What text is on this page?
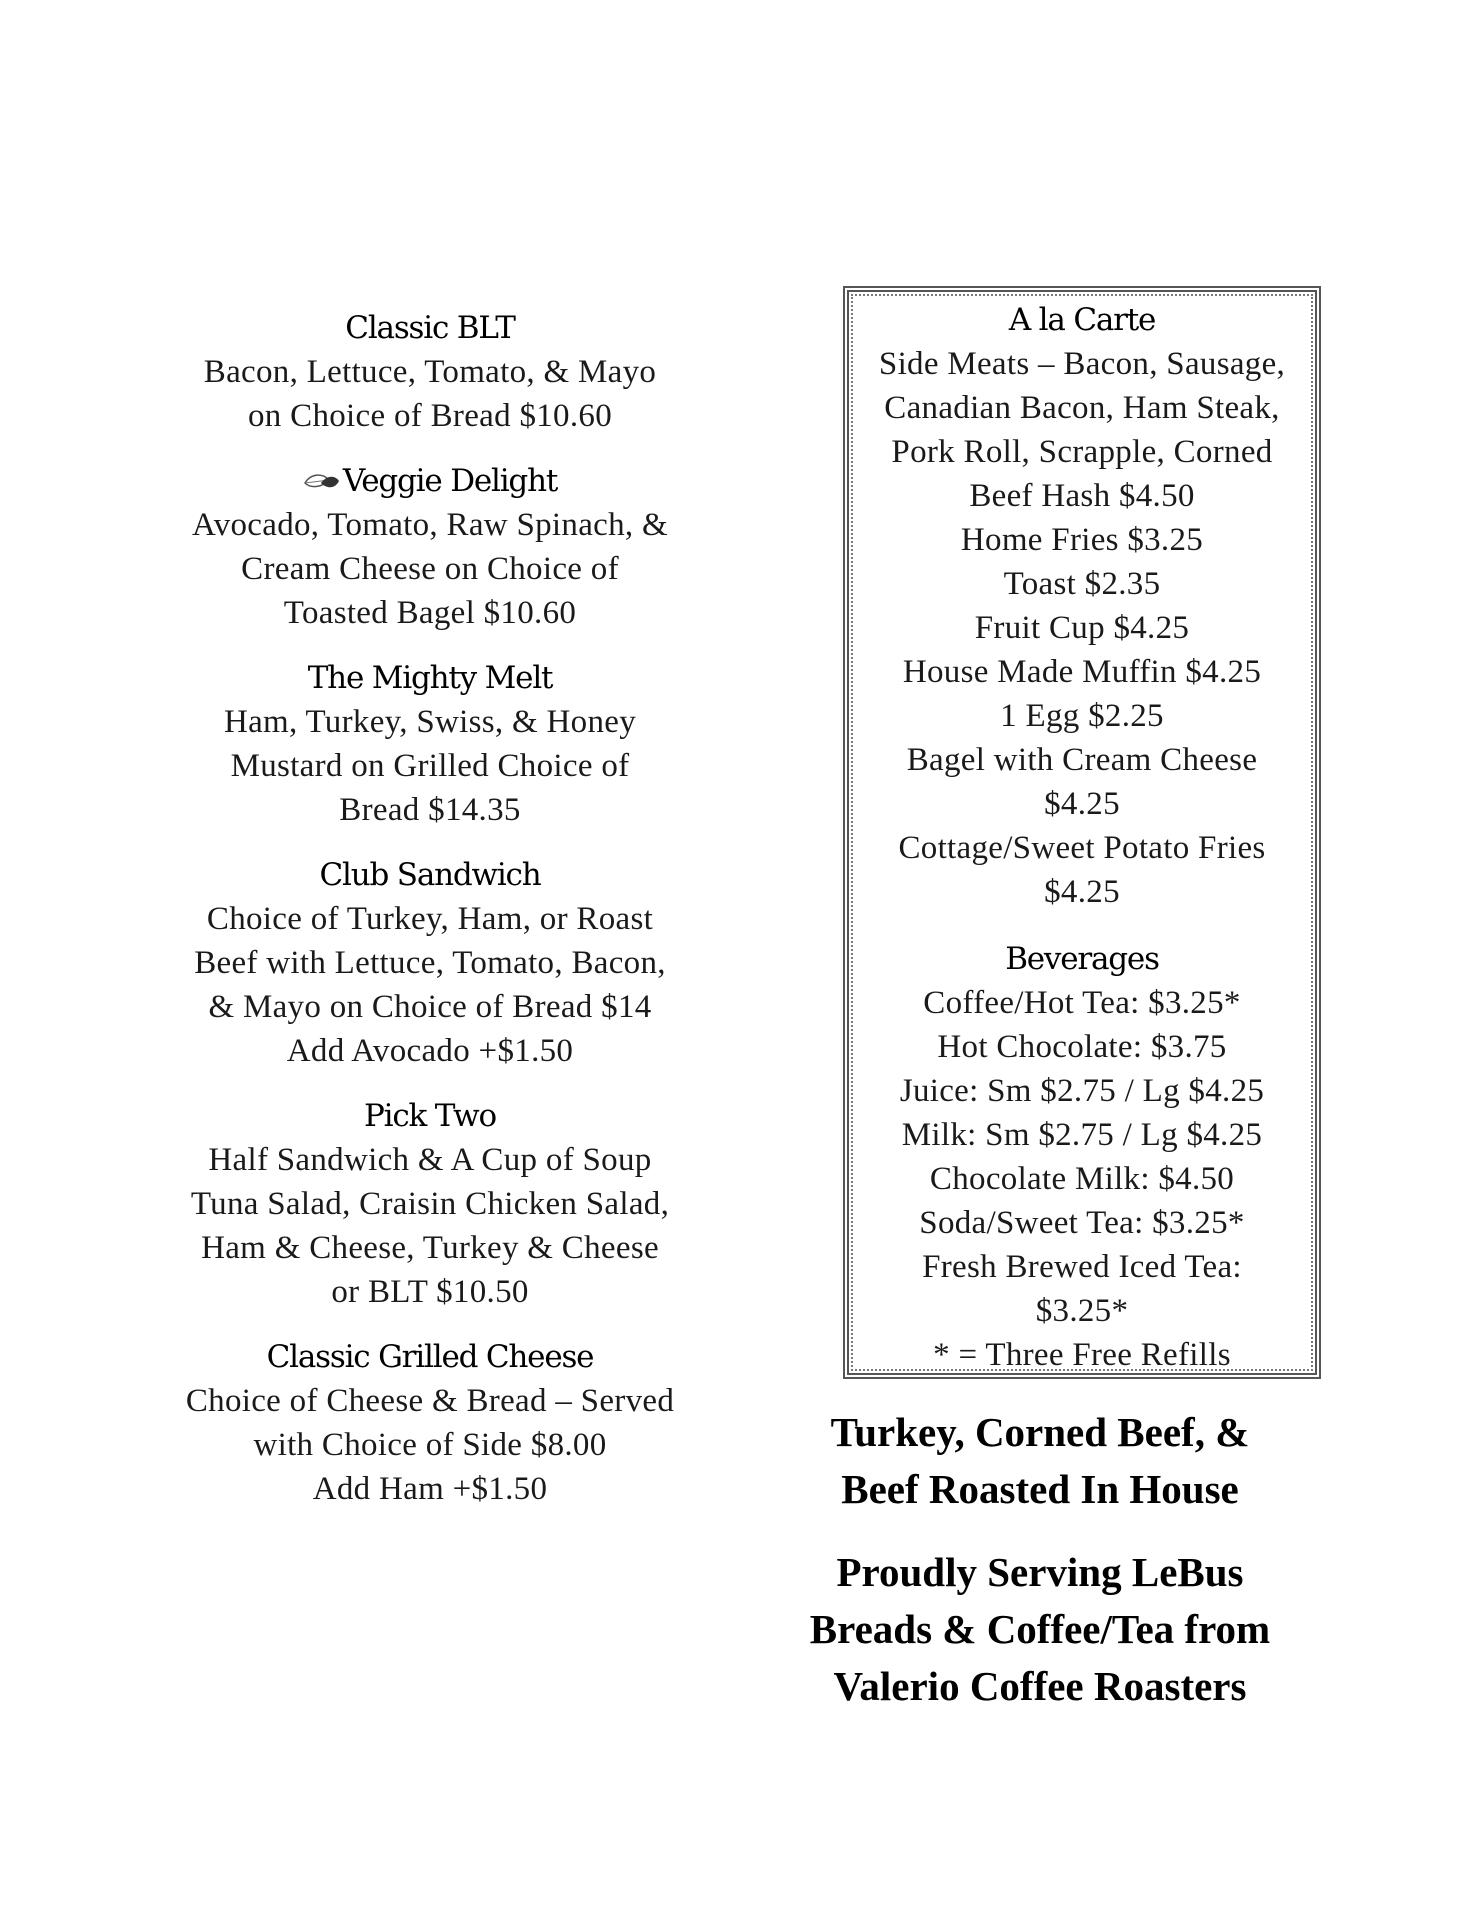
Classic BLT
Bacon, Lettuce, Tomato, & Mayo
on Choice of Bread $10.60
Veggie Delight
Avocado, Tomato, Raw Spinach, &
Cream Cheese on Choice of
Toasted Bagel $10.60
The Mighty Melt
Ham, Turkey, Swiss, & Honey
Mustard on Grilled Choice of
Bread $14.35
Club Sandwich
Choice of Turkey, Ham, or Roast
Beef with Lettuce, Tomato, Bacon,
& Mayo on Choice of Bread $14
Add Avocado +$1.50
Pick Two
Half Sandwich & A Cup of Soup
Tuna Salad, Craisin Chicken Salad,
Ham & Cheese, Turkey & Cheese
or BLT $10.50
Classic Grilled Cheese
Choice of Cheese & Bread – Served
with Choice of Side $8.00
Add Ham +$1.50
A la Carte
Side Meats – Bacon, Sausage,
Canadian Bacon, Ham Steak,
Pork Roll, Scrapple, Corned
Beef Hash $4.50
Home Fries $3.25
Toast $2.35
Fruit Cup $4.25
House Made Muffin $4.25
1 Egg $2.25
Bagel with Cream Cheese
$4.25
Cottage/Sweet Potato Fries
$4.25
Beverages
Coffee/Hot Tea: $3.25*
Hot Chocolate: $3.75
Juice: Sm $2.75 / Lg $4.25
Milk: Sm $2.75 / Lg $4.25
Chocolate Milk: $4.50
Soda/Sweet Tea: $3.25*
Fresh Brewed Iced Tea:
$3.25*
* = Three Free Refills
Turkey, Corned Beef, &
Beef Roasted In House
Proudly Serving LeBus
Breads & Coffee/Tea from
Valerio Coffee Roasters
